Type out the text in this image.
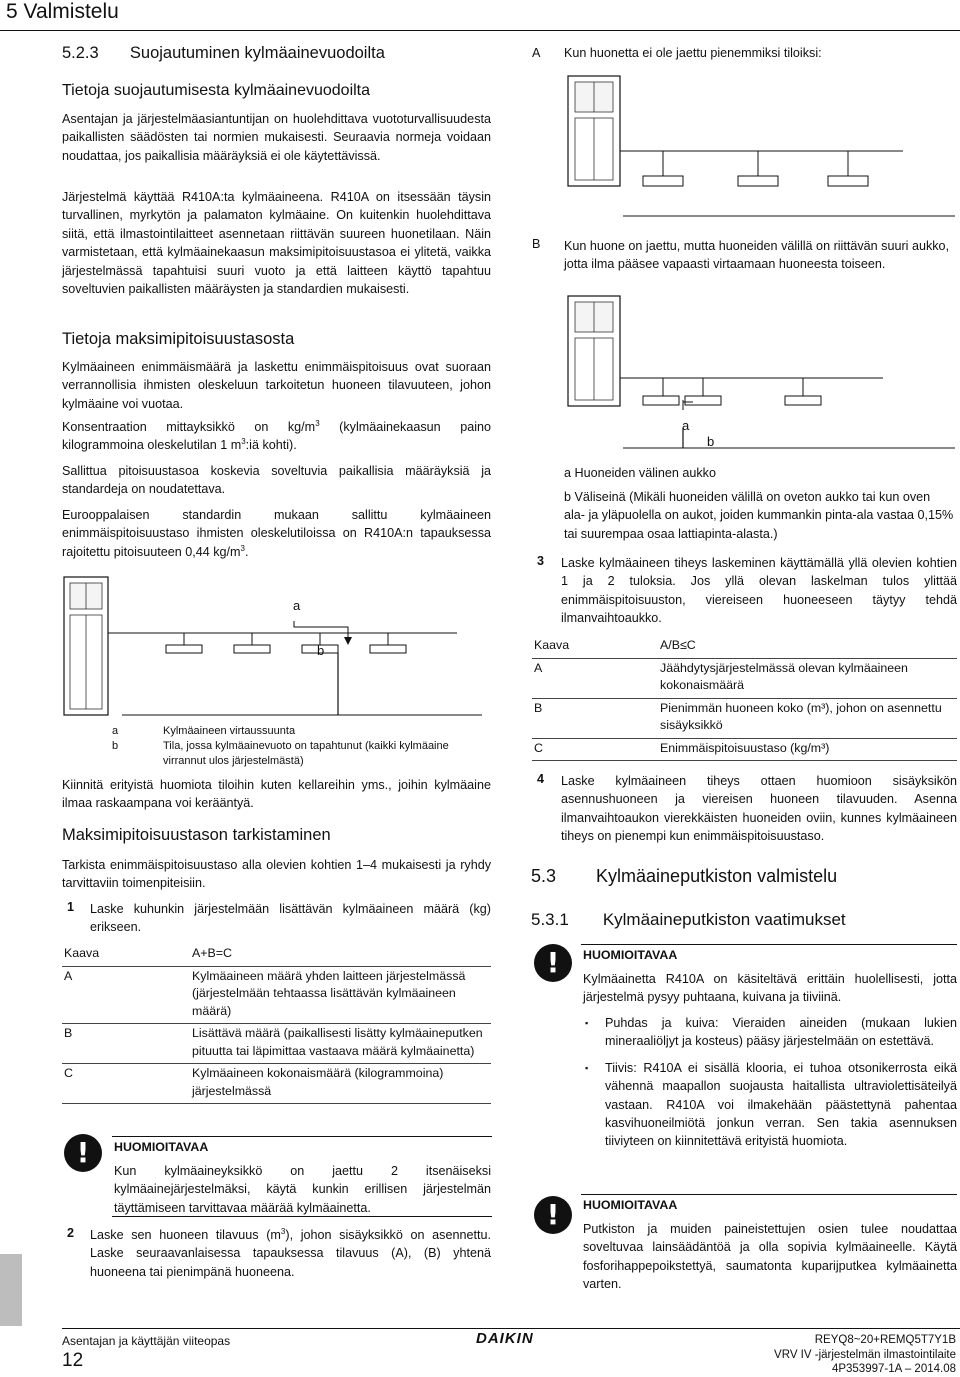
5 Valmistelu
5.2.3 Suojautuminen kylmäainevuodoilta
Tietoja suojautumisesta kylmäainevuodoilta

Asentajan ja järjestelmäasiantuntijan on huolehdittava vuototurvallisuudesta paikallisten säädösten tai normien mukaisesti. Seuraavia normeja voidaan noudattaa, jos paikallisia määräyksiä ei ole käytettävissä.

Järjestelmä käyttää R410A:ta kylmäaineena. R410A on itsessään täysin turvallinen, myrkytön ja palamaton kylmäaine. On kuitenkin huolehdittava siitä, että ilmastointilaitteet asennetaan riittävän suureen huonetilaan. Näin varmistetaan, että kylmäainekaasun maksimipitoisuustasoa ei ylitetä, vaikka järjestelmässä tapahtuisi suuri vuoto ja että laitteen käyttö tapahtuu soveltuvien paikallisten määräysten ja standardien mukaisesti.

Tietoja maksimipitoisuustasosta

Kylmäaineen enimmäismäärä ja laskettu enimmäispitoisuus ovat suoraan verrannollisia ihmisten oleskeluun tarkoitetun huoneen tilavuuteen, johon kylmäaine voi vuotaa.

Konsentraation mittayksikkö on $kg/m^3$ (kylmäainekaasun paino kilogrammoina oleskelutilan 1 $m^3:iä$ kohti).

Sallittua pitoisuustasoa koskevia soveltuvia paikallisia määräyksiä ja standardeja on noudatettava.

Eurooppalaisen standardin mukaan sallittu kylmäaineen enimmäispitoisuustaso ihmisten oleskelutiloissa on R410A:n tapauksessa rajoitettu pitoisuuteen 0,44 $kg/m^3$.

a
b
a	Kylmäaineen virtaussuunta
b	Tila, jossa kylmäainevuoto on tapahtunut (kaikki kylmäaine virrannut ulos järjestelmästä)

Kiinnitä erityistä huomiota tiloihin kuten kellareihin yms., joihin kylmäaine ilmaa raskaampana voi kerääntyä.

Maksimipitoisuustason tarkistaminen

Tarkista enimmäispitoisuustaso alla olevien kohtien 1–4 mukaisesti ja ryhdy tarvittaviin toimenpiteisiin.

1 Laske kuhunkin järjestelmään lisättävän kylmäaineen määrä (kg) erikseen.

Kaava	A+B=C
A	Kylmäaineen määrä yhden laitteen järjestelmässä (järjestelmään tehtaassa lisättävän kylmäaineen määrä)
B	Lisättävä määrä (paikallisesti lisätty kylmäaineputken pituutta tai läpimittaa vastaava määrä kylmäainetta)
C	Kylmäaineen kokonaismäärä (kilogrammoina) järjestelmässä
!	HUOMIOITAVAA

Kun kylmäaineyksikkö on jaettu 2 itsenäiseksi kylmäainejärjestelmäksi, käytä kunkin erillisen järjestelmän täyttämiseen tarvittavaa määrää kylmäainetta.

2 Laske sen huoneen tilavuus $(m^3)$, johon sisäyksikkö on asennettu. Laske seuraavanlaisessa tapauksessa tilavuus (A), (B) yhtenä huoneena tai pienimpänä huoneena.

A Kun huonetta ei ole jaettu pienemmiksi tiloiksi:
B Kun huone on jaettu, mutta huoneiden välillä on riittävän suuri aukko, jotta ilma pääsee vapaasti virtaamaan huoneesta toiseen.

a
b
a Huoneiden välinen aukko
b Väliseinä (Mikäli huoneiden välillä on oveton aukko tai kun oven ala- ja yläpuolella on aukot, joiden kummankin pinta-ala vastaa 0,15% tai suurempaa osaa lattiapinta-alasta.)
3 Laske kylmäaineen tiheys laskeminen käyttämällä yllä olevien kohtien 1 ja 2 tuloksia. Jos yllä olevan laskelman tulos ylittää enimmäispitoisuuston, viereiseen huoneeseen täytyy tehdä ilmanvaihtoaukko.

Kaava	A/B≤C
A	Jäähdytysjärjestelmässä olevan kylmäaineen kokonaismäärä
B	Pienimmän huoneen koko (m³), johon on asennettu sisäyksikkö
C	Enimmäispitoisuustaso (kg/m³)
4 Laske kylmäaineen tiheys ottaen huomioon sisäyksikön asennushuoneen ja viereisen huoneen tilavuuden. Asenna ilmanvaihtoaukon vierekkäisten huoneiden oviin, kunnes kylmäaineen tiheys on pienempi kun enimmäispitoisuustaso.

5.3 Kylmäaineputkiston valmistelu
5.3.1 Kylmäaineputkiston vaatimukset
!	HUOMIOITAVAA

Kylmäainetta R410A on käsiteltävä erittäin huolellisesti, jotta järjestelmä pysyy puhtaana, kuivana ja tiiviinä.

▪ Puhdas ja kuiva: Vieraiden aineiden (mukaan lukien mineraaliöljyt ja kosteus) pääsy järjestelmään on estettävä.
▪ Tiivis: R410A ei sisällä klooria, ei tuhoa otsonikerrosta eikä vähennä maapallon suojausta haitallista ultraviolettisäteilyä vastaan. R410A voi ilmakehään päästettynä pahentaa kasvihuoneilmiötä jonkun verran. Sen takia asennuksen tiiviyteen on kiinnitettävä erityistä huomiota.
!	HUOMIOITAVAA

Putkiston ja muiden paineistettujen osien tulee noudattaa soveltuvaa lainsäädäntöä ja olla sopivia kylmäaineelle. Käytä fosforihappepoikstettyä, saumatonta kuparijputkea kylmäainetta varten.

Asentajan ja käyttäjän viiteopas
12
DAIKIN	REYQ8~20+REMQ5T7Y1B
VRV IV -järjestelmän ilmastointilaite
4P353997-1A – 2014.08
